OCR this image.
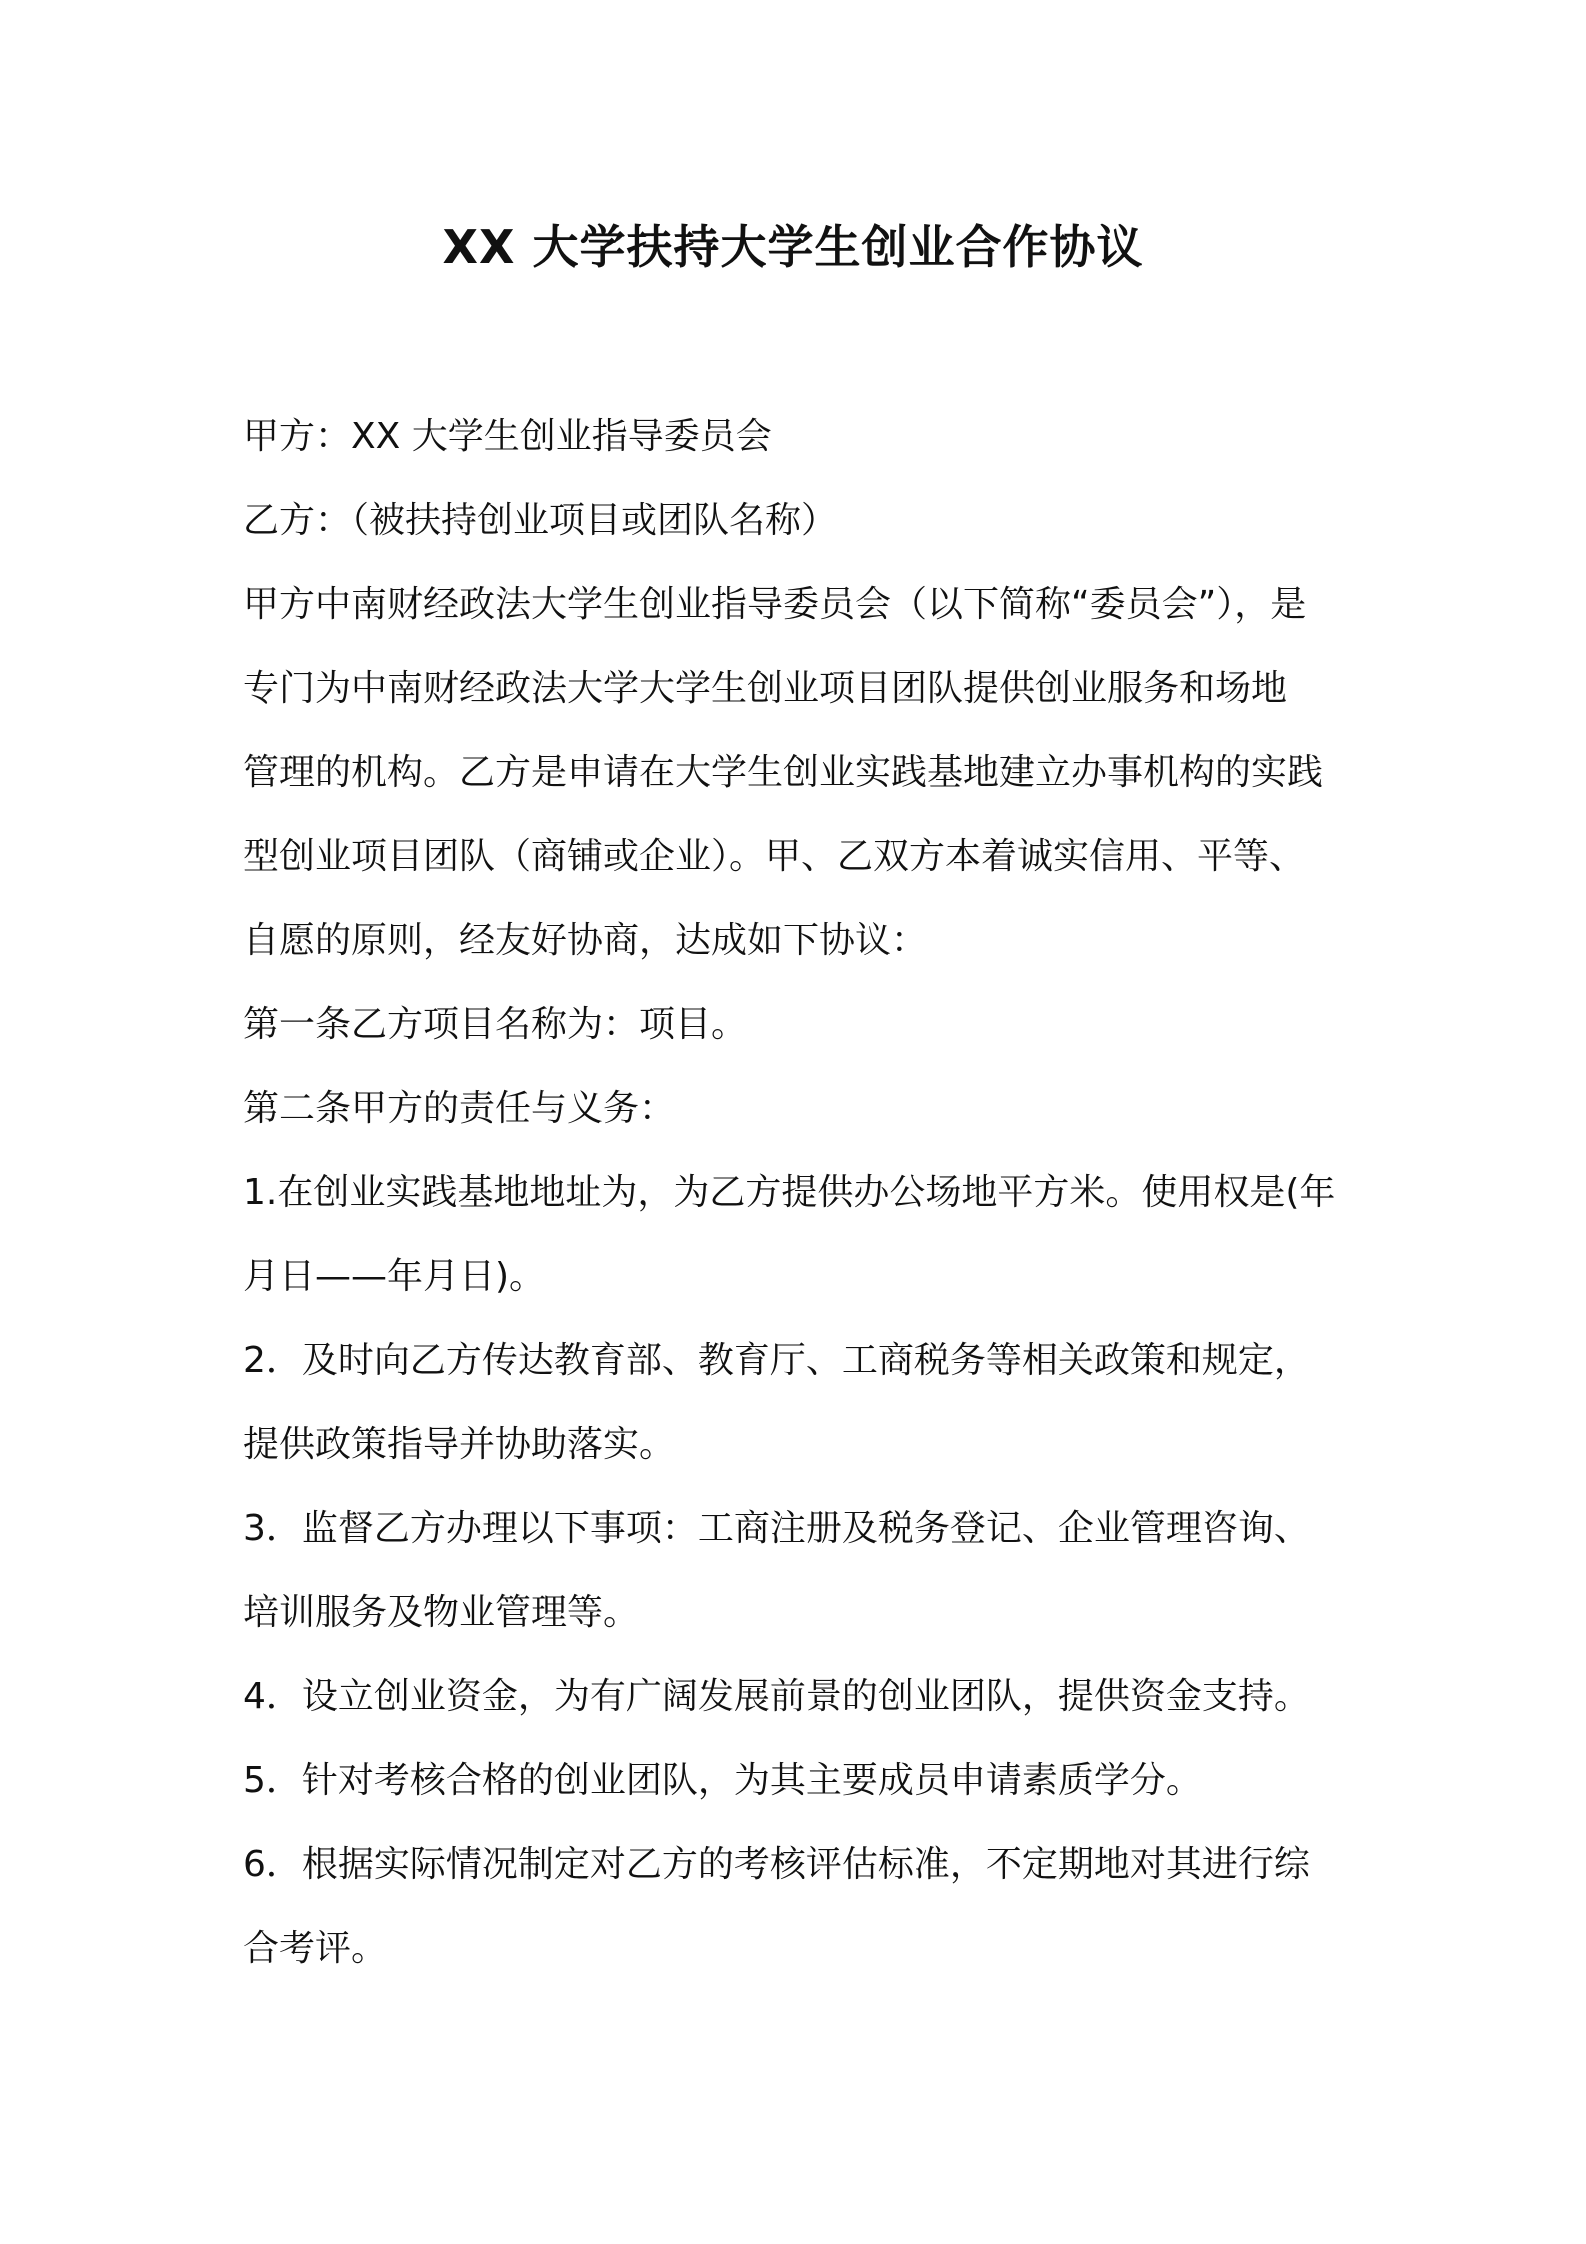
XX 大学扶持大学生创业合作协议

甲方：XX 大学生创业指导委员会

乙方：（被扶持创业项目或团队名称）

甲方中南财经政法大学生创业指导委员会（以下简称“委员会”），是

专门为中南财经政法大学大学生创业项目团队提供创业服务和场地

管理的机构。乙方是申请在大学生创业实践基地建立办事机构的实践

型创业项目团队（商铺或企业）。甲、乙双方本着诚实信用、平等、

自愿的原则，经友好协商，达成如下协议：

第一条乙方项目名称为：项目。

第二条甲方的责任与义务：

1.在创业实践基地地址为，为乙方提供办公场地平方米。使用权是(年

月日——年月日)。

2．及时向乙方传达教育部、教育厅、工商税务等相关政策和规定，

提供政策指导并协助落实。

3．监督乙方办理以下事项：工商注册及税务登记、企业管理咨询、

培训服务及物业管理等。

4．设立创业资金，为有广阔发展前景的创业团队，提供资金支持。

5．针对考核合格的创业团队，为其主要成员申请素质学分。

6．根据实际情况制定对乙方的考核评估标准，不定期地对其进行综

合考评。
